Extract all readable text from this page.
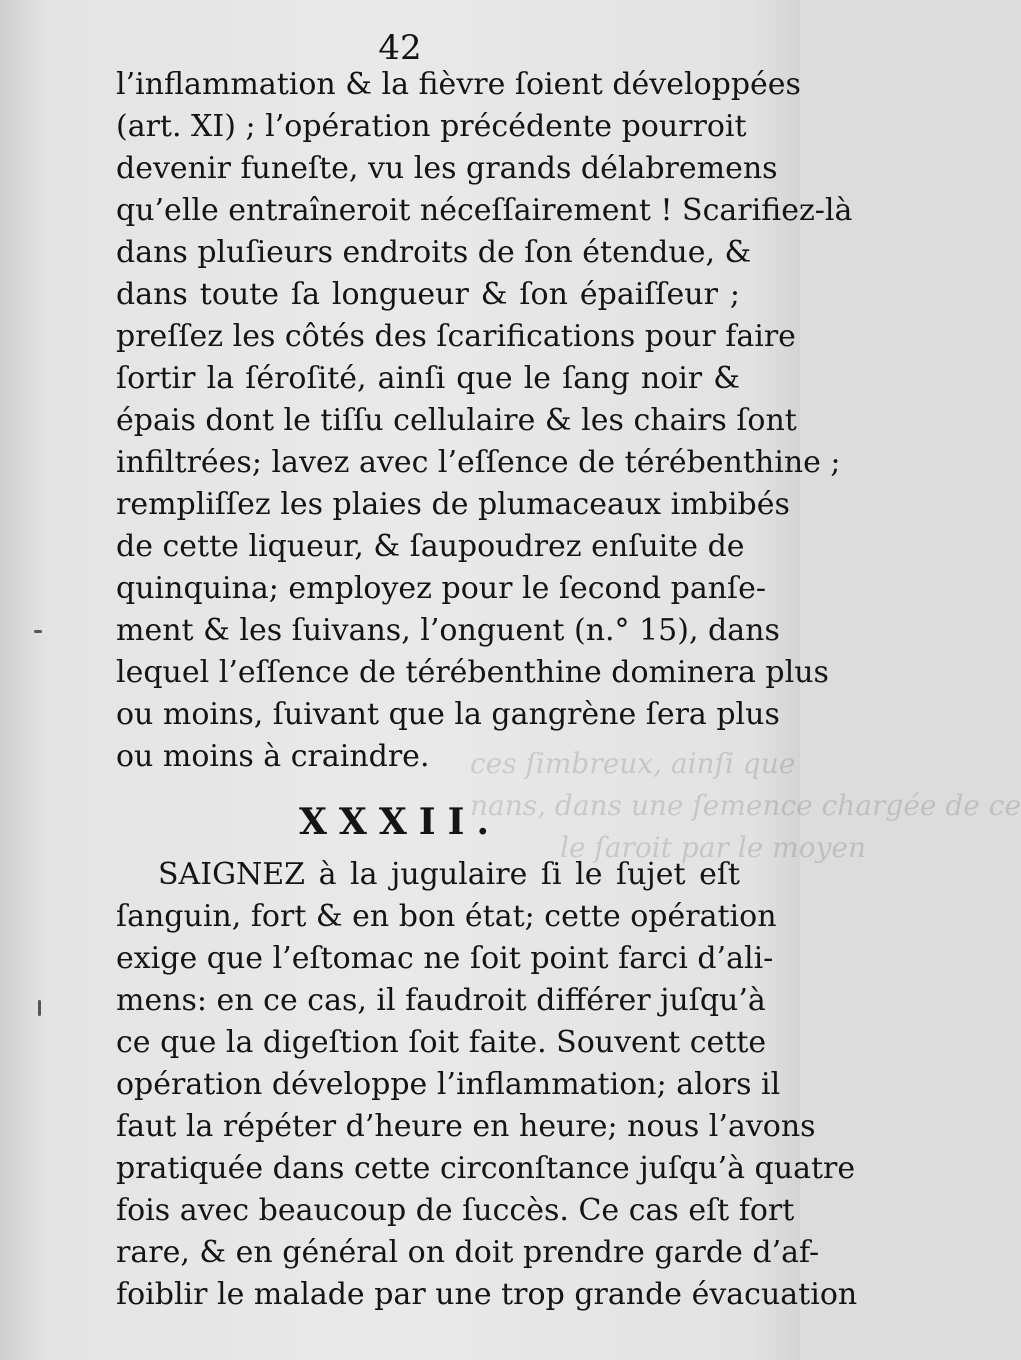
ces ſimbreux, ainſi que
nans, dans une ſemence chargée de ce
le ſaroit par le moyen
42
l’inflammation & la fièvre ſoient développées
(art. XI) ; l’opération précédente pourroit
devenir funeſte, vu les grands délabremens
qu’elle entraîneroit néceſſairement ! Scarifiez-là
dans pluſieurs endroits de ſon étendue, &
dans toute ſa longueur & ſon épaiſſeur ;
preſſez les côtés des ſcarifications pour faire
ſortir la ſéroſité, ainſi que le ſang noir &
épais dont le tiſſu cellulaire & les chairs ſont
infiltrées; lavez avec l’eſſence de térébenthine ;
rempliſſez les plaies de plumaceaux imbibés
de cette liqueur, & ſaupoudrez enſuite de
quinquina; employez pour le ſecond panſe-
ment & les ſuivans, l’onguent (n.° 15), dans
lequel l’eſſence de térébenthine dominera plus
ou moins, ſuivant que la gangrène ſera plus
ou moins à craindre.
XXXII.
SAIGNEZ à la jugulaire ſi le ſujet eſt
ſanguin, fort & en bon état; cette opération
exige que l’eſtomac ne ſoit point farci d’ali-
mens: en ce cas, il faudroit différer juſqu’à
ce que la digeſtion ſoit faite. Souvent cette
opération développe l’inflammation; alors il
faut la répéter d’heure en heure; nous l’avons
pratiquée dans cette circonſtance juſqu’à quatre
fois avec beaucoup de ſuccès. Ce cas eſt fort
rare, & en général on doit prendre garde d’af-
foiblir le malade par une trop grande évacuation
